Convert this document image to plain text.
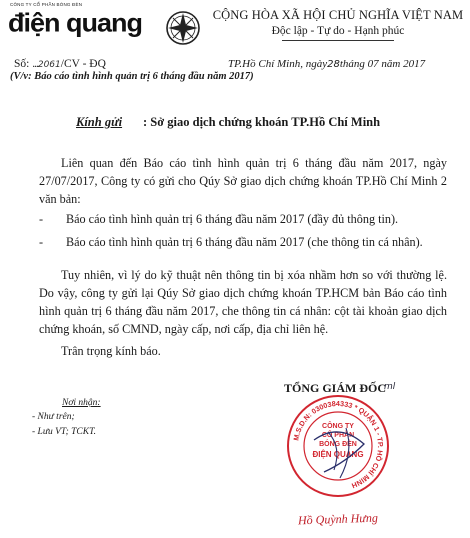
CÔNG TY CỔ PHẦN BÓNG ĐÈN
điện quang	CỘNG HÒA XÃ HỘI CHỦ NGHĨA VIỆT NAM
Độc lập - Tự do - Hạnh phúc
Số: ...2061/CV - ĐQ	TP.Hồ Chí Minh, ngày28tháng 07 năm 2017
(V/v: Báo cáo tình hình quản trị 6 tháng đầu năm 2017)
Kính gửi : Sở giao dịch chứng khoán TP.Hồ Chí Minh
Liên quan đến Báo cáo tình hình quản trị 6 tháng đầu năm 2017, ngày 27/07/2017, Công ty có gửi cho Qúy Sở giao dịch chứng khoán TP.Hồ Chí Minh 2 văn bản:
- Báo cáo tình hình quản trị 6 tháng đầu năm 2017 (đầy đủ thông tin).
- Báo cáo tình hình quản trị 6 tháng đầu năm 2017 (che thông tin cá nhân).
Tuy nhiên, vì lý do kỹ thuật nên thông tin bị xóa nhầm hơn so với thường lệ. Do vậy, công ty gửi lại Qúy Sở giao dịch chứng khoán TP.HCM bản Báo cáo tình hình quản trị 6 tháng đầu năm 2017, che thông tin cá nhân: cột tài khoản giao dịch chứng khoán, số CMND, ngày cấp, nơi cấp, địa chỉ liên hệ.
Trân trọng kính báo.
TỔNG GIÁM ĐỐC
ml
Nơi nhận:
- Như trên;
- Lưu VT; TCKT.
M.S.D.N: 0300384333 * QUẬN 1 - TP. HỒ CHÍ MINH
CÔNG TY
CỔ PHẦN
BÓNG ĐÈN
ĐIỆN QUANG
Hồ Quỳnh Hưng
